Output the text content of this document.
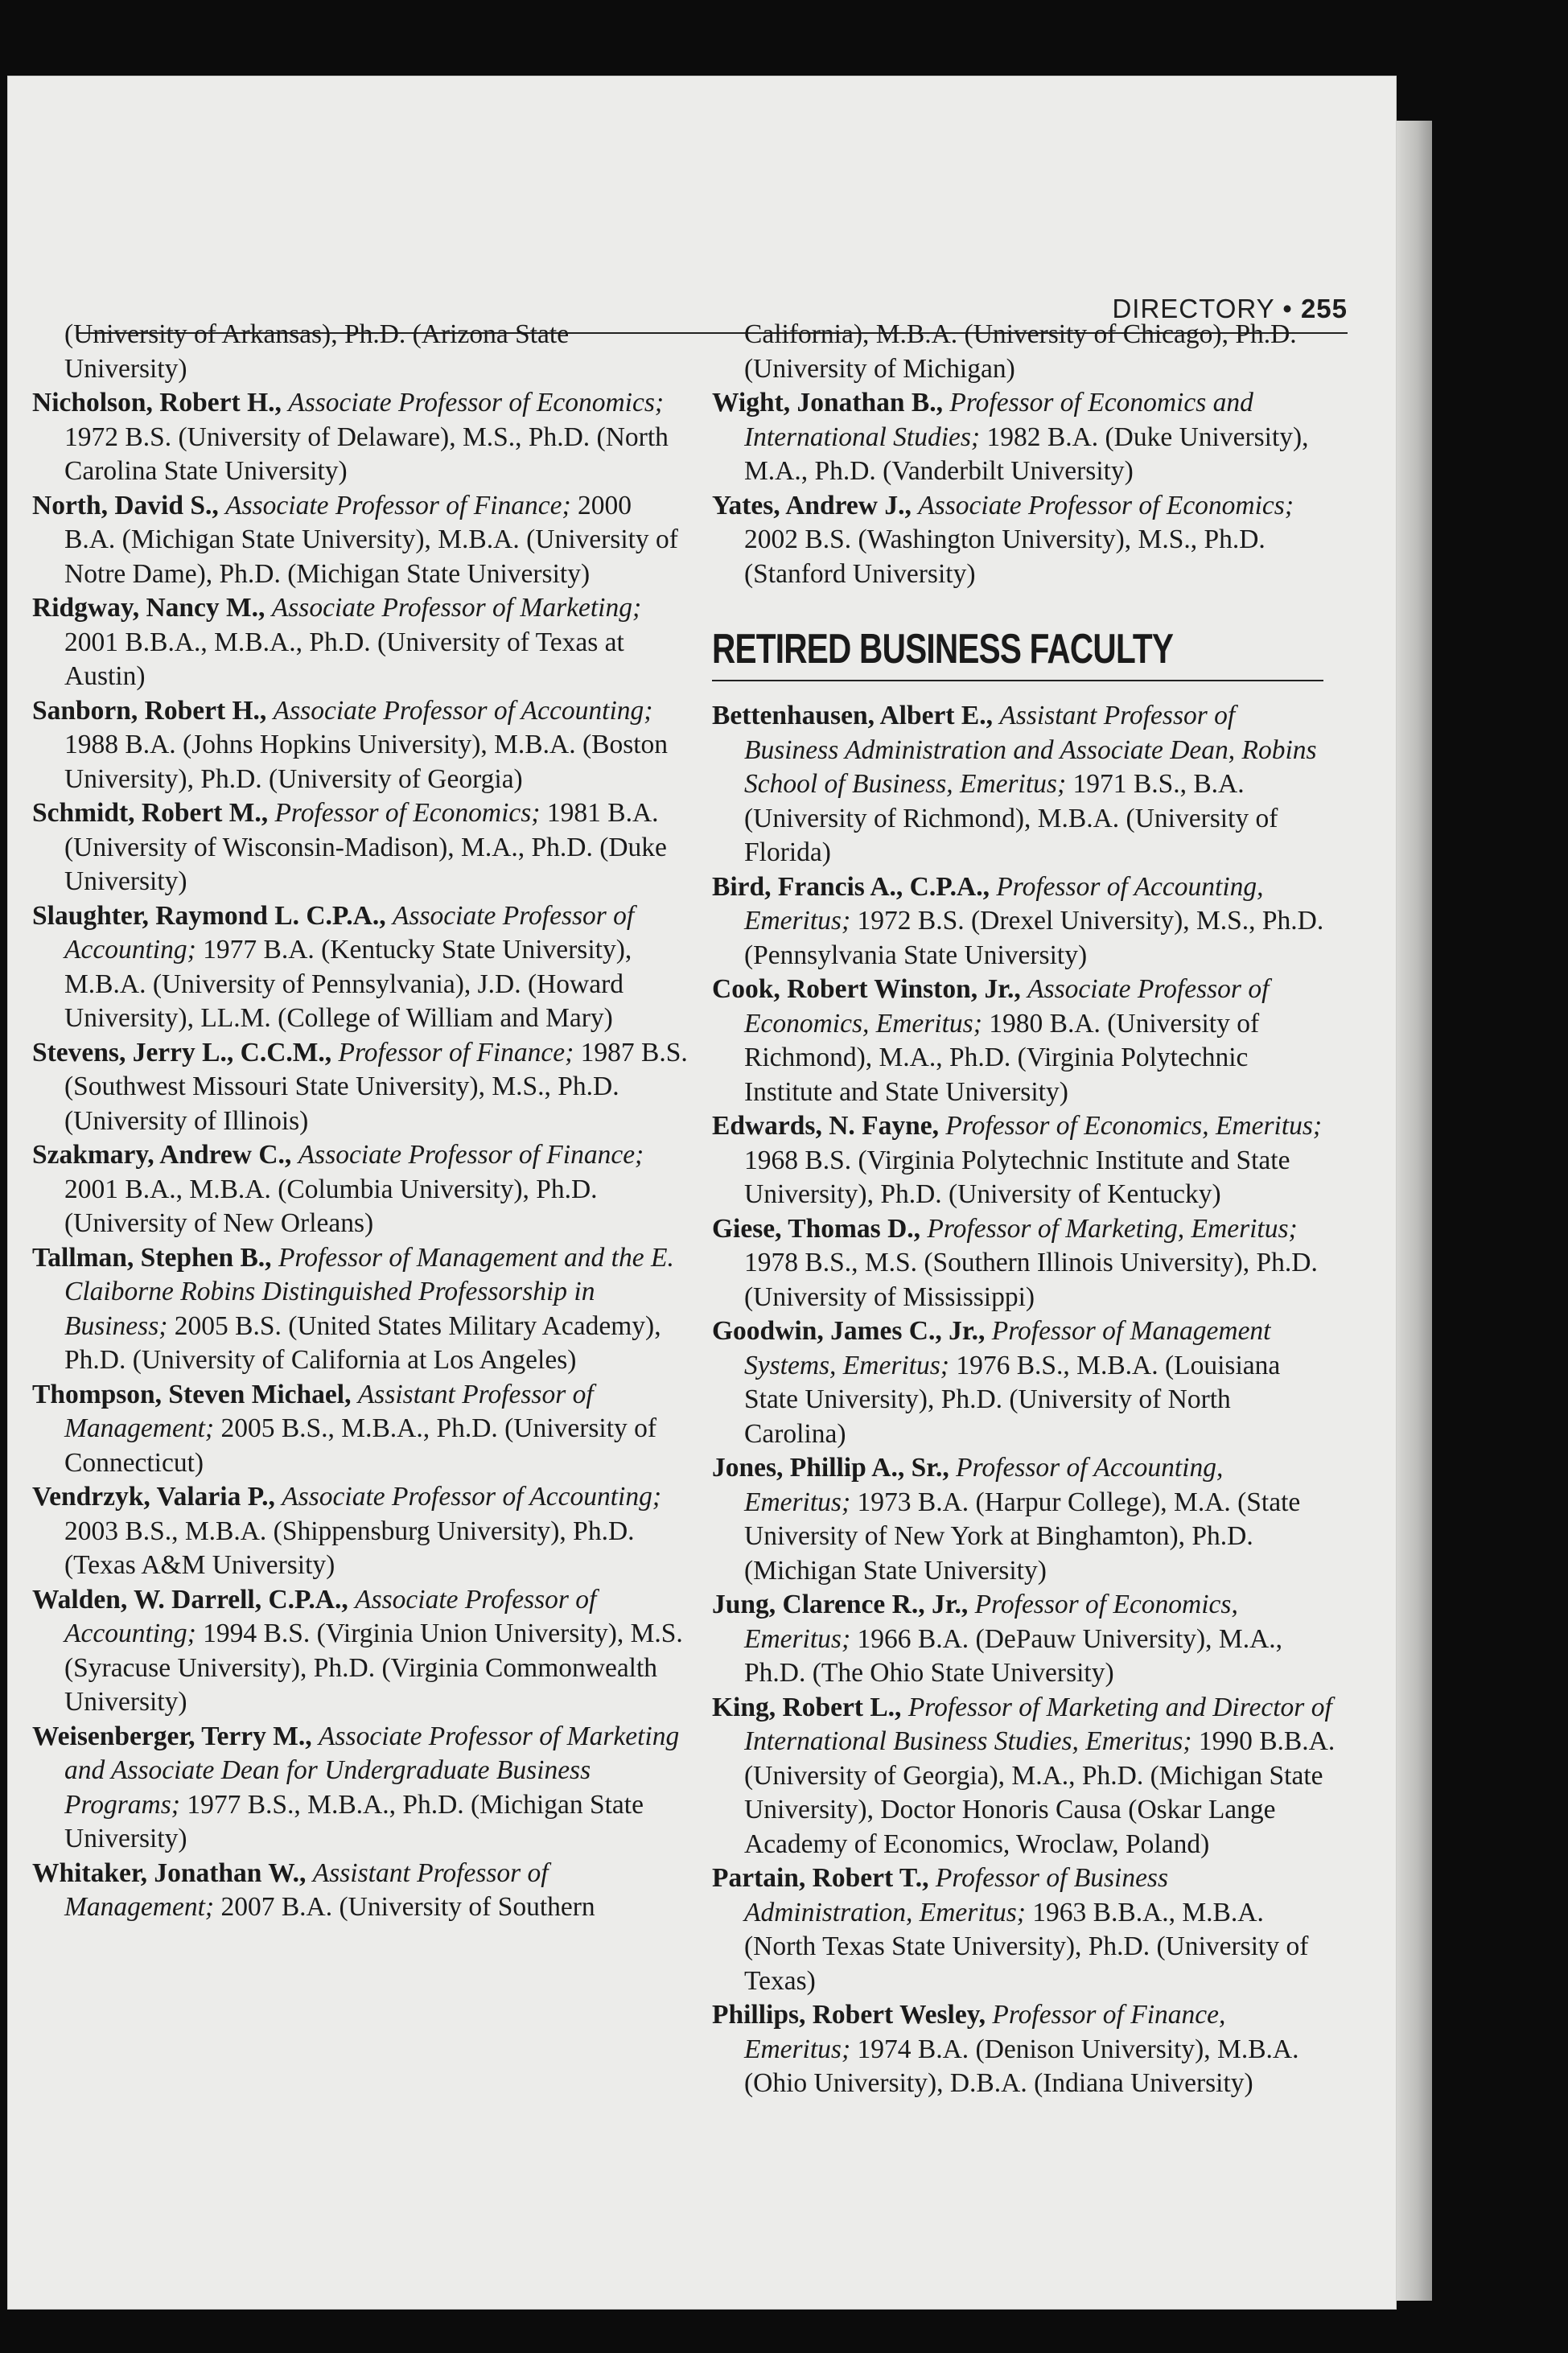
DIRECTORY • 255

(University of Arkansas), Ph.D. (Arizona State University)

Nicholson, Robert H., Associate Professor of Economics; 1972 B.S. (University of Delaware), M.S., Ph.D. (North Carolina State University)

North, David S., Associate Professor of Finance; 2000 B.A. (Michigan State University), M.B.A. (University of Notre Dame), Ph.D. (Michigan State University)

Ridgway, Nancy M., Associate Professor of Marketing; 2001 B.B.A., M.B.A., Ph.D. (University of Texas at Austin)

Sanborn, Robert H., Associate Professor of Accounting; 1988 B.A. (Johns Hopkins University), M.B.A. (Boston University), Ph.D. (University of Georgia)

Schmidt, Robert M., Professor of Economics; 1981 B.A. (University of Wisconsin-Madison), M.A., Ph.D. (Duke University)

Slaughter, Raymond L. C.P.A., Associate Professor of Accounting; 1977 B.A. (Kentucky State University), M.B.A. (University of Pennsylvania), J.D. (Howard University), LL.M. (College of William and Mary)

Stevens, Jerry L., C.C.M., Professor of Finance; 1987 B.S. (Southwest Missouri State University), M.S., Ph.D. (University of Illinois)

Szakmary, Andrew C., Associate Professor of Finance; 2001 B.A., M.B.A. (Columbia University), Ph.D. (University of New Orleans)

Tallman, Stephen B., Professor of Management and the E. Claiborne Robins Distinguished Professorship in Business; 2005 B.S. (United States Military Academy), Ph.D. (University of California at Los Angeles)

Thompson, Steven Michael, Assistant Professor of Management; 2005 B.S., M.B.A., Ph.D. (University of Connecticut)

Vendrzyk, Valaria P., Associate Professor of Accounting; 2003 B.S., M.B.A. (Shippensburg University), Ph.D. (Texas A&M University)

Walden, W. Darrell, C.P.A., Associate Professor of Accounting; 1994 B.S. (Virginia Union University), M.S. (Syracuse University), Ph.D. (Virginia Commonwealth University)

Weisenberger, Terry M., Associate Professor of Marketing and Associate Dean for Undergraduate Business Programs; 1977 B.S., M.B.A., Ph.D. (Michigan State University)

Whitaker, Jonathan W., Assistant Professor of Management; 2007 B.A. (University of Southern

California), M.B.A. (University of Chicago), Ph.D. (University of Michigan)

Wight, Jonathan B., Professor of Economics and International Studies; 1982 B.A. (Duke University), M.A., Ph.D. (Vanderbilt University)

Yates, Andrew J., Associate Professor of Economics; 2002 B.S. (Washington University), M.S., Ph.D. (Stanford University)

RETIRED BUSINESS FACULTY

Bettenhausen, Albert E., Assistant Professor of Business Administration and Associate Dean, Robins School of Business, Emeritus; 1971 B.S., B.A. (University of Richmond), M.B.A. (University of Florida)

Bird, Francis A., C.P.A., Professor of Accounting, Emeritus; 1972 B.S. (Drexel University), M.S., Ph.D. (Pennsylvania State University)

Cook, Robert Winston, Jr., Associate Professor of Economics, Emeritus; 1980 B.A. (University of Richmond), M.A., Ph.D. (Virginia Polytechnic Institute and State University)

Edwards, N. Fayne, Professor of Economics, Emeritus; 1968 B.S. (Virginia Polytechnic Institute and State University), Ph.D. (University of Kentucky)

Giese, Thomas D., Professor of Marketing, Emeritus; 1978 B.S., M.S. (Southern Illinois University), Ph.D. (University of Mississippi)

Goodwin, James C., Jr., Professor of Management Systems, Emeritus; 1976 B.S., M.B.A. (Louisiana State University), Ph.D. (University of North Carolina)

Jones, Phillip A., Sr., Professor of Accounting, Emeritus; 1973 B.A. (Harpur College), M.A. (State University of New York at Binghamton), Ph.D. (Michigan State University)

Jung, Clarence R., Jr., Professor of Economics, Emeritus; 1966 B.A. (DePauw University), M.A., Ph.D. (The Ohio State University)

King, Robert L., Professor of Marketing and Director of International Business Studies, Emeritus; 1990 B.B.A. (University of Georgia), M.A., Ph.D. (Michigan State University), Doctor Honoris Causa (Oskar Lange Academy of Economics, Wroclaw, Poland)

Partain, Robert T., Professor of Business Administration, Emeritus; 1963 B.B.A., M.B.A. (North Texas State University), Ph.D. (University of Texas)

Phillips, Robert Wesley, Professor of Finance, Emeritus; 1974 B.A. (Denison University), M.B.A. (Ohio University), D.B.A. (Indiana University)
